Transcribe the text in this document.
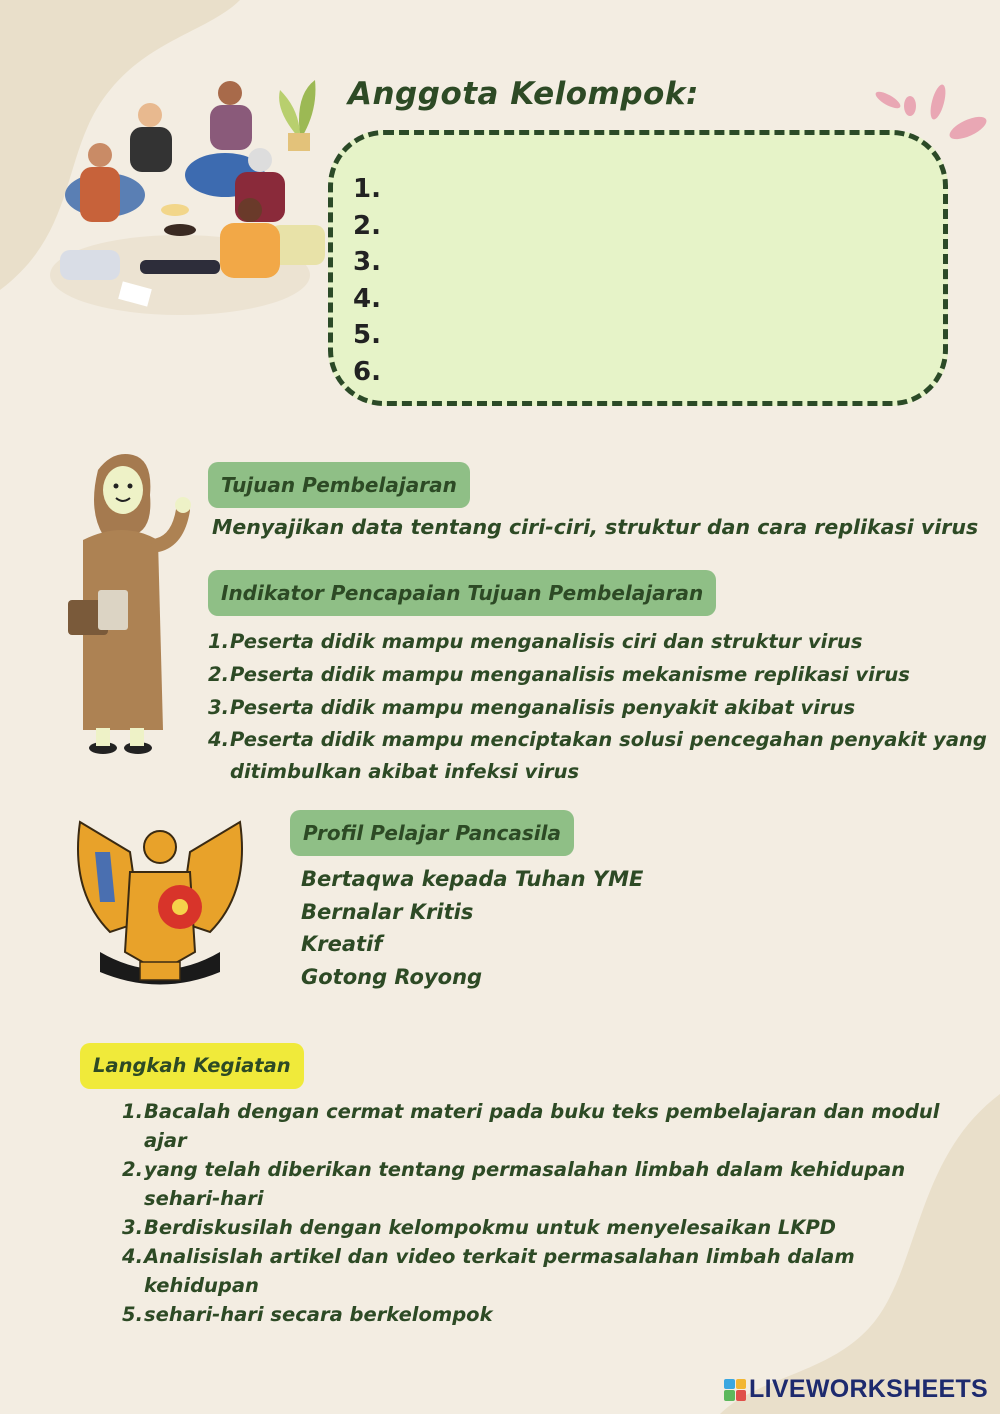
Anggota Kelompok:
1.
2.
3.
4.
5.
6.
Tujuan Pembelajaran
Menyajikan data tentang ciri-ciri, struktur dan cara replikasi virus
Indikator Pencapaian Tujuan Pembelajaran
1. Peserta didik mampu menganalisis ciri dan struktur virus
2. Peserta didik mampu menganalisis mekanisme replikasi virus
3. Peserta didik mampu menganalisis penyakit akibat virus
4. Peserta didik mampu menciptakan solusi pencegahan penyakit yang
ditimbulkan akibat infeksi virus
Profil Pelajar Pancasila
Bertaqwa kepada Tuhan YME
Bernalar Kritis
Kreatif
Gotong Royong
Langkah Kegiatan
1. Bacalah dengan cermat materi pada buku teks pembelajaran dan modul
ajar
2. yang telah diberikan tentang permasalahan limbah dalam kehidupan
sehari-hari
3. Berdiskusilah dengan kelompokmu untuk menyelesaikan LKPD
4. Analisislah artikel dan video terkait permasalahan limbah dalam
kehidupan
5. sehari-hari secara berkelompok
LIVEWORKSHEETS
